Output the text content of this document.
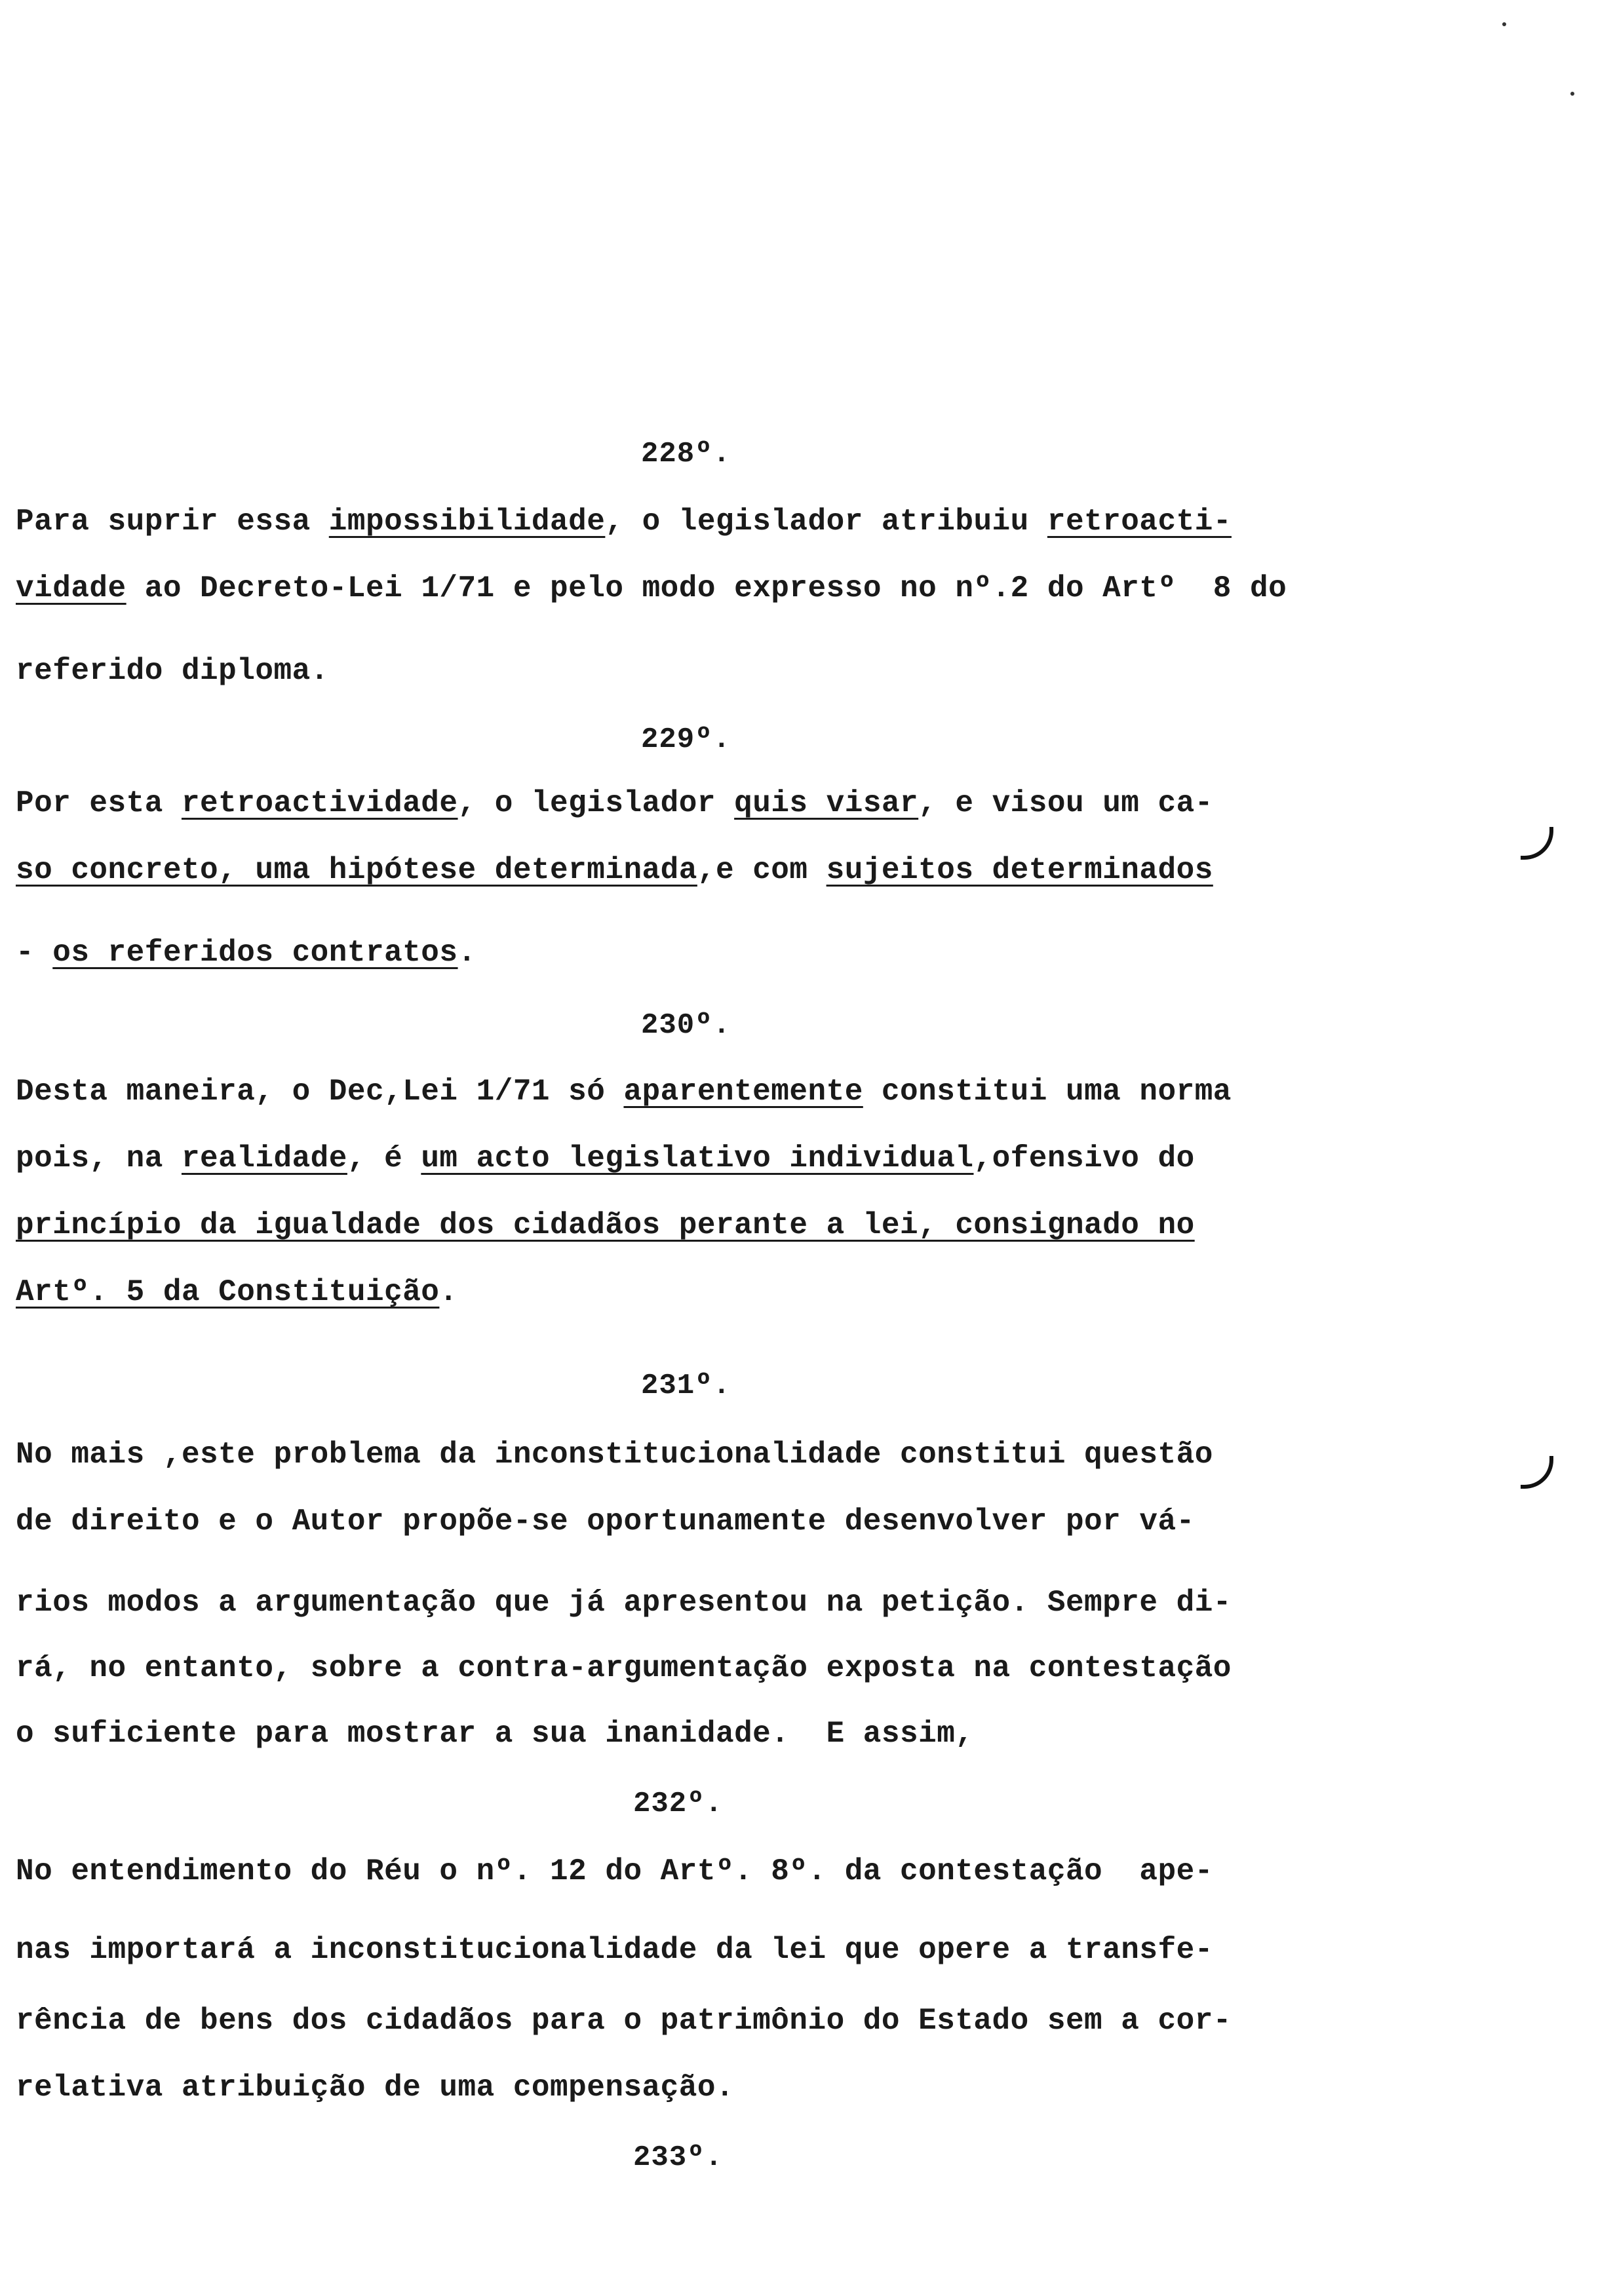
228º.
Para suprir essa impossibilidade, o legislador atribuiu retroacti-
vidade ao Decreto-Lei 1/71 e pelo modo expresso no nº.2 do Artº  8 do
referido diploma.
229º.
Por esta retroactividade, o legislador quis visar, e visou um ca-
so concreto, uma hipótese determinada,e com sujeitos determinados
- os referidos contratos.
230º.
Desta maneira, o Dec,Lei 1/71 só aparentemente constitui uma norma
pois, na realidade, é um acto legislativo individual,ofensivo do
princípio da igualdade dos cidadãos perante a lei, consignado no
Artº. 5 da Constituição.
231º.
No mais ,este problema da inconstitucionalidade constitui questão
de direito e o Autor propõe-se oportunamente desenvolver por vá-
rios modos a argumentação que já apresentou na petição. Sempre di-
rá, no entanto, sobre a contra-argumentação exposta na contestação
o suficiente para mostrar a sua inanidade.  E assim,
232º.
No entendimento do Réu o nº. 12 do Artº. 8º. da contestação  ape-
nas importará a inconstitucionalidade da lei que opere a transfe-
rência de bens dos cidadãos para o patrimônio do Estado sem a cor-
relativa atribuição de uma compensação.
233º.
